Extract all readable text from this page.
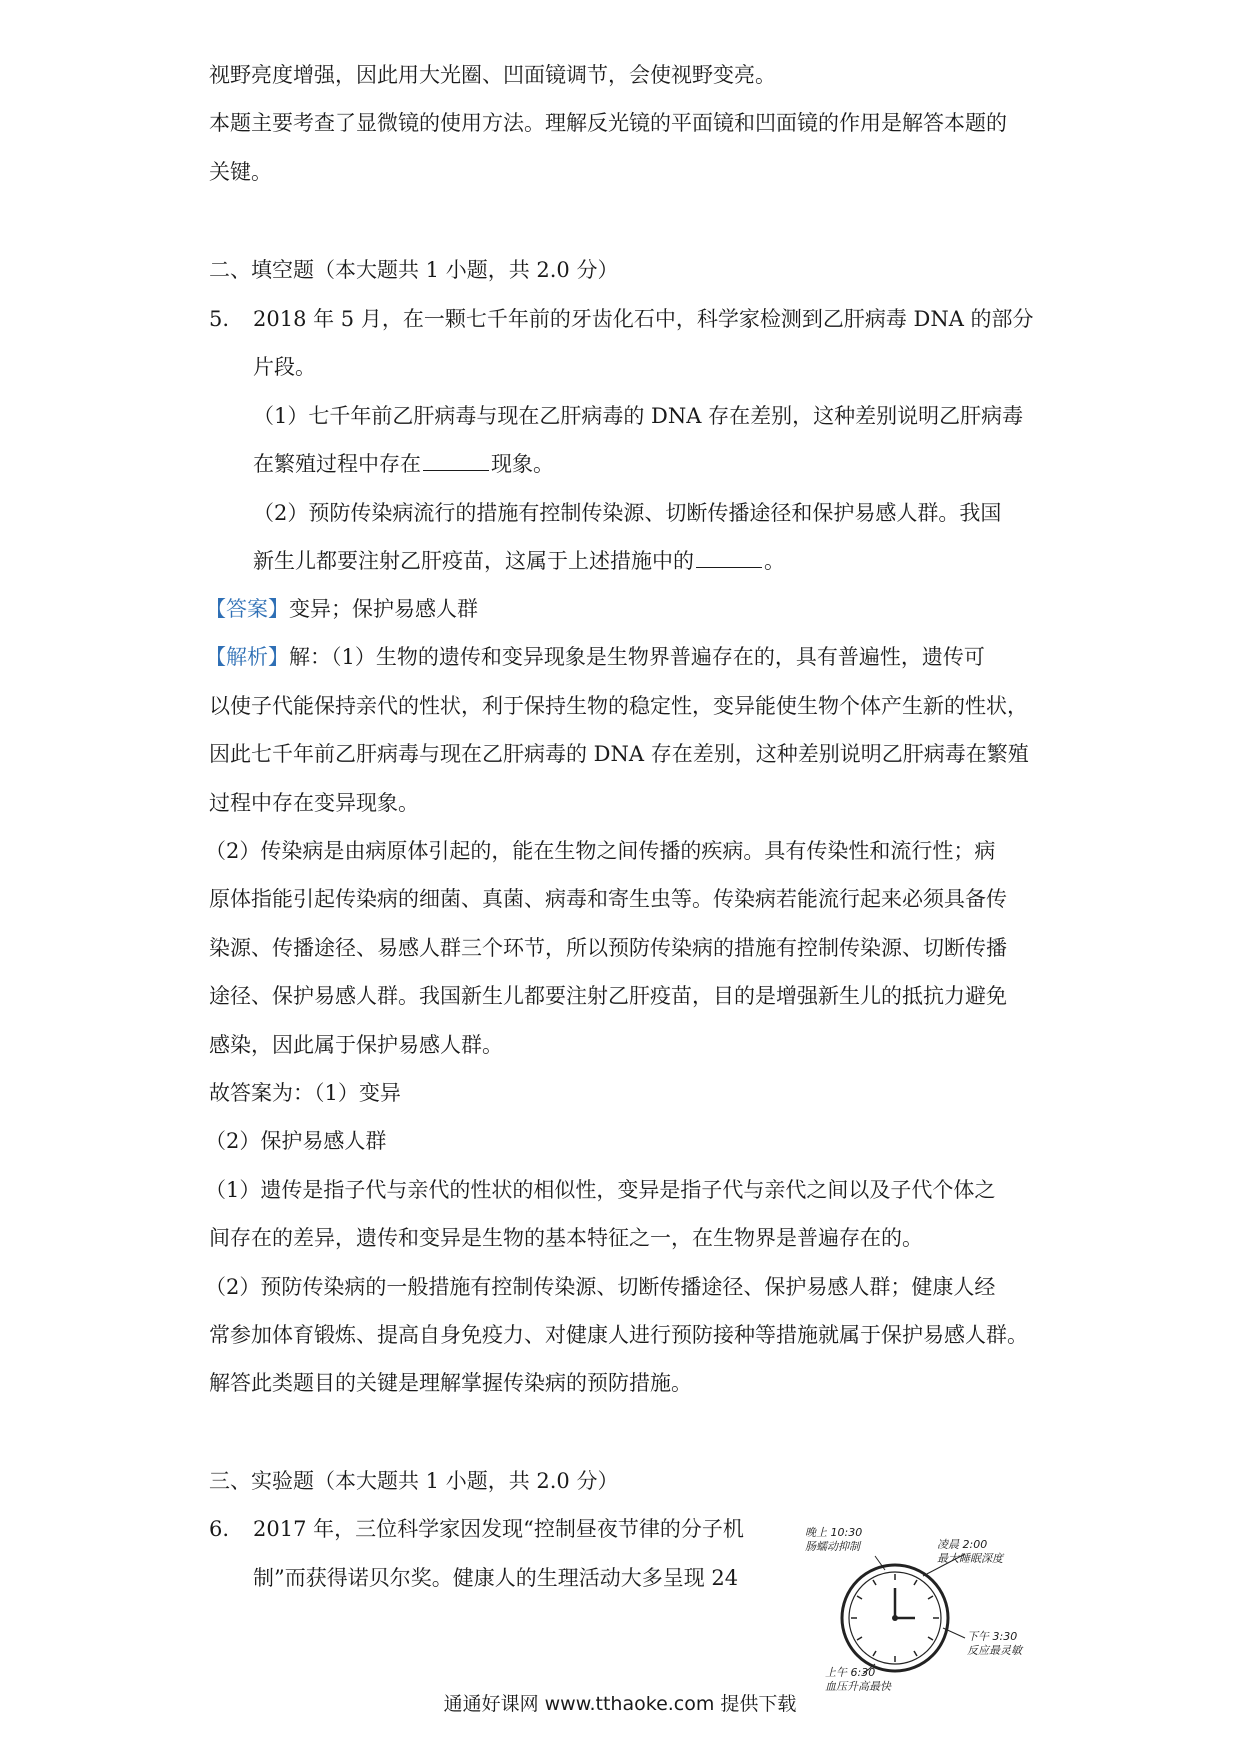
视野亮度增强，因此用大光圈、凹面镜调节，会使视野变亮。
本题主要考查了显微镜的使用方法。理解反光镜的平面镜和凹面镜的作用是解答本题的
关键。
二、填空题（本大题共 1 小题，共 2.0 分）
5. 2018 年 5 月，在一颗七千年前的牙齿化石中，科学家检测到乙肝病毒 DNA 的部分
片段。
（1）七千年前乙肝病毒与现在乙肝病毒的 DNA 存在差别，这种差别说明乙肝病毒
在繁殖过程中存在	现象。
（2）预防传染病流行的措施有控制传染源、切断传播途径和保护易感人群。我国
新生儿都要注射乙肝疫苗，这属于上述措施中的	。
【答案】变异；保护易感人群
【解析】解：（1）生物的遗传和变异现象是生物界普遍存在的，具有普遍性，遗传可
以使子代能保持亲代的性状，利于保持生物的稳定性，变异能使生物个体产生新的性状，
因此七千年前乙肝病毒与现在乙肝病毒的 DNA 存在差别，这种差别说明乙肝病毒在繁殖
过程中存在变异现象。
（2）传染病是由病原体引起的，能在生物之间传播的疾病。具有传染性和流行性；病
原体指能引起传染病的细菌、真菌、病毒和寄生虫等。传染病若能流行起来必须具备传
染源、传播途径、易感人群三个环节，所以预防传染病的措施有控制传染源、切断传播
途径、保护易感人群。我国新生儿都要注射乙肝疫苗，目的是增强新生儿的抵抗力避免
感染，因此属于保护易感人群。
故答案为：（1）变异
（2）保护易感人群
（1）遗传是指子代与亲代的性状的相似性，变异是指子代与亲代之间以及子代个体之
间存在的差异，遗传和变异是生物的基本特征之一，在生物界是普遍存在的。
（2）预防传染病的一般措施有控制传染源、切断传播途径、保护易感人群；健康人经
常参加体育锻炼、提高自身免疫力、对健康人进行预防接种等措施就属于保护易感人群。
解答此类题目的关键是理解掌握传染病的预防措施。
三、实验题（本大题共 1 小题，共 2.0 分）
6. 2017 年，三位科学家因发现“控制昼夜节律的分子机
制”而获得诺贝尔奖。健康人的生理活动大多呈现 24
晚上 10:30
肠蠕动抑制	凌晨 2:00
最大睡眠深度
下午 3:30
反应最灵敏
上午 6:30
血压升高最快
通通好课网 www.tthaoke.com 提供下载
